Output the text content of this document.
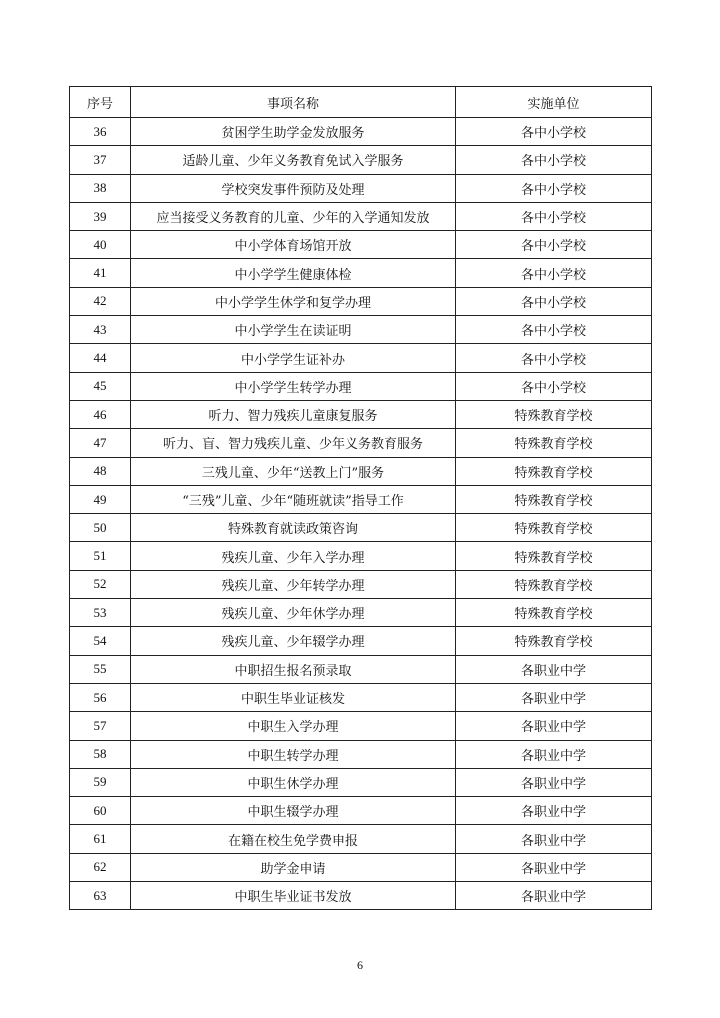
序号	事项名称	实施单位
36	贫困学生助学金发放服务	各中小学校
37	适龄儿童、少年义务教育免试入学服务	各中小学校
38	学校突发事件预防及处理	各中小学校
39	应当接受义务教育的儿童、少年的入学通知发放	各中小学校
40	中小学体育场馆开放	各中小学校
41	中小学学生健康体检	各中小学校
42	中小学学生休学和复学办理	各中小学校
43	中小学学生在读证明	各中小学校
44	中小学学生证补办	各中小学校
45	中小学学生转学办理	各中小学校
46	听力、智力残疾儿童康复服务	特殊教育学校
47	听力、盲、智力残疾儿童、少年义务教育服务	特殊教育学校
48	三残儿童、少年“送教上门”服务	特殊教育学校
49	“三残”儿童、少年“随班就读”指导工作	特殊教育学校
50	特殊教育就读政策咨询	特殊教育学校
51	残疾儿童、少年入学办理	特殊教育学校
52	残疾儿童、少年转学办理	特殊教育学校
53	残疾儿童、少年休学办理	特殊教育学校
54	残疾儿童、少年辍学办理	特殊教育学校
55	中职招生报名预录取	各职业中学
56	中职生毕业证核发	各职业中学
57	中职生入学办理	各职业中学
58	中职生转学办理	各职业中学
59	中职生休学办理	各职业中学
60	中职生辍学办理	各职业中学
61	在籍在校生免学费申报	各职业中学
62	助学金申请	各职业中学
63	中职生毕业证书发放	各职业中学
6
